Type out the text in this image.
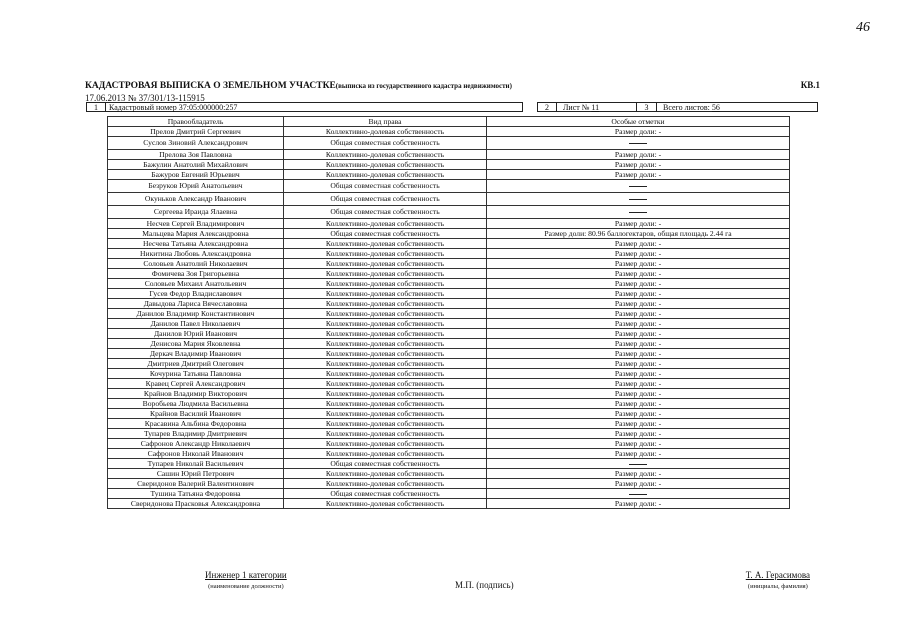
46
КАДАСТРОВАЯ ВЫПИСКА О ЗЕМЕЛЬНОМ УЧАСТКЕ(выписка из государственного кадастра недвижимости)	КВ.1
17.06.2013 № 37/301/13-115915
1	Кадастровый номер 37:05:000000:257	2	Лист № 11	3	Всего листов: 56
Правообладатель	Вид права	Особые отметки
Прелов Дмитрий Сергеевич	Коллективно-долевая собственность	Размер доли: -
Суслов Зиновий Александрович	Общая совместная собственность	
Прелова Зоя Павловна	Коллективно-долевая собственность	Размер доли: -
Бажулин Анатолий Михайлович	Коллективно-долевая собственность	Размер доли: -
Бажуров Евгений Юрьевич	Коллективно-долевая собственность	Размер доли: -
Безруков Юрий Анатольевич	Общая совместная собственность	
Окуньков Александр Иванович	Общая совместная собственность	
Сергеева Ираида Ялаевна	Общая совместная собственность	
Несчев Сергей Владимирович	Коллективно-долевая собственность	Размер доли: -
Мальцева Мария Александровна	Общая совместная собственность	Размер доли: 80.96 баллогектаров, общая площадь 2.44 га
Несчева Татьяна Александровна	Коллективно-долевая собственность	Размер доли: -
Никитина Любовь Александровна	Коллективно-долевая собственность	Размер доли: -
Соловьев Анатолий Николаевич	Коллективно-долевая собственность	Размер доли: -
Фомичева Зоя Григорьевна	Коллективно-долевая собственность	Размер доли: -
Соловьев Михаил Анатольевич	Коллективно-долевая собственность	Размер доли: -
Гусев Федор Владиславович	Коллективно-долевая собственность	Размер доли: -
Давыдова Лариса Вячеславовна	Коллективно-долевая собственность	Размер доли: -
Данилов Владимир Константинович	Коллективно-долевая собственность	Размер доли: -
Данилов Павел Николаевич	Коллективно-долевая собственность	Размер доли: -
Данилов Юрий Иванович	Коллективно-долевая собственность	Размер доли: -
Денисова Мария Яковлевна	Коллективно-долевая собственность	Размер доли: -
Деркач Владимир Иванович	Коллективно-долевая собственность	Размер доли: -
Дмитриев Дмитрий Олегович	Коллективно-долевая собственность	Размер доли: -
Кочурина Татьяна Павловна	Коллективно-долевая собственность	Размер доли: -
Кравец Сергей Александрович	Коллективно-долевая собственность	Размер доли: -
Крайнов Владимир Викторович	Коллективно-долевая собственность	Размер доли: -
Воробьева Людмила Васильевна	Коллективно-долевая собственность	Размер доли: -
Крайнов Василий Иванович	Коллективно-долевая собственность	Размер доли: -
Красавина Альбина Федоровна	Коллективно-долевая собственность	Размер доли: -
Тупарев Владимир Дмитриевич	Коллективно-долевая собственность	Размер доли: -
Сафронов Александр Николаевич	Коллективно-долевая собственность	Размер доли: -
Сафронов Николай Иванович	Коллективно-долевая собственность	Размер доли: -
Тупарев Николай Васильевич	Общая совместная собственность	
Сашин Юрий Петрович	Коллективно-долевая собственность	Размер доли: -
Свеpидонов Валерий Валентинович	Коллективно-долевая собственность	Размер доли: -
Тушина Татьяна Федоровна	Общая совместная собственность	
Свеpидонова Прасковья Александровна	Коллективно-долевая собственность	Размер доли: -
Инженер 1 категории
(наименование должности)	М.П. (подпись)
Т. А. Герасимова
(инициалы, фамилия)
